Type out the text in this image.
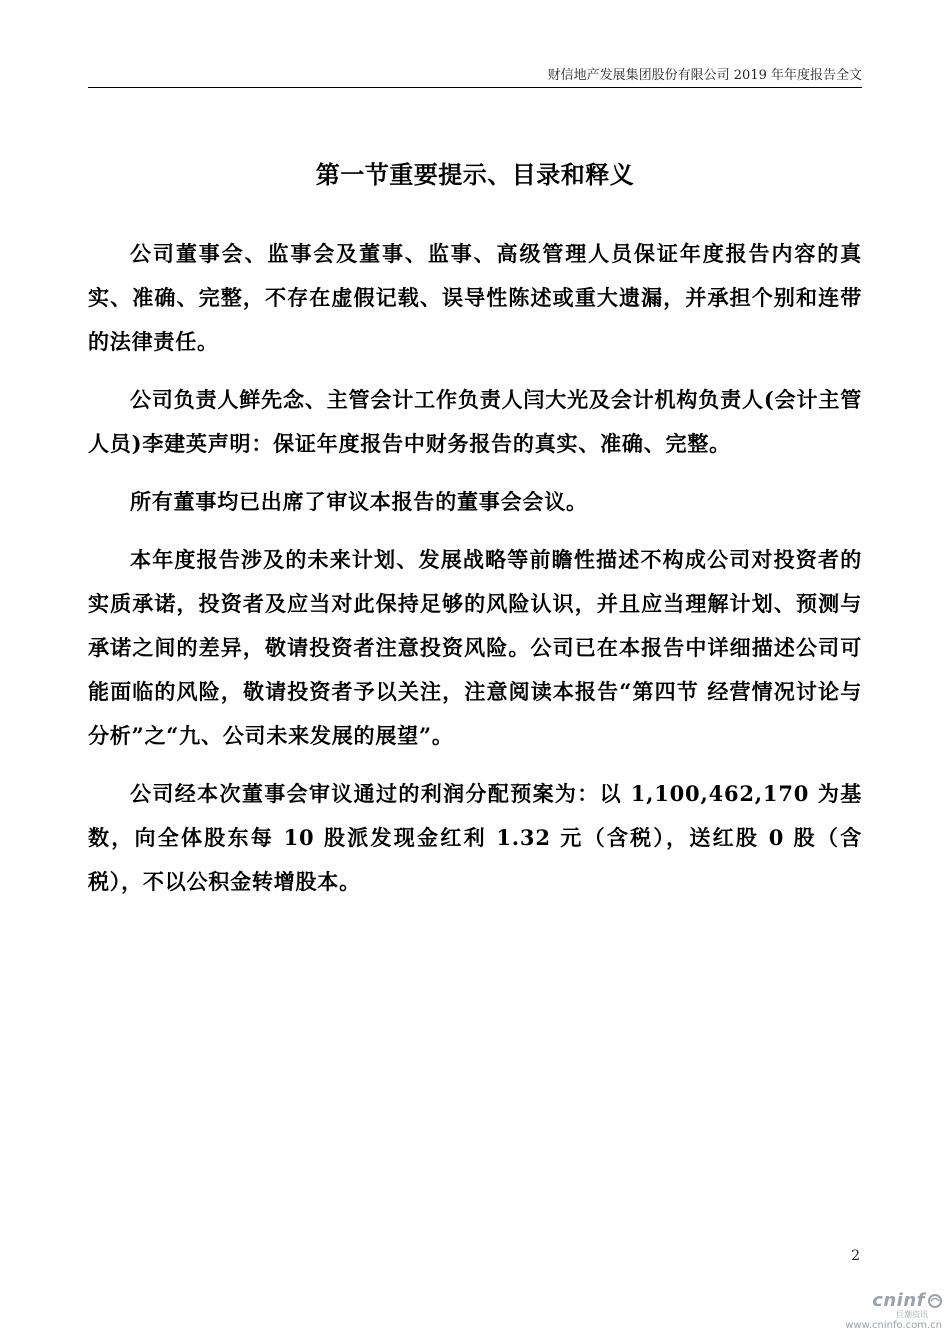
财信地产发展集团股份有限公司 2019 年年度报告全文
第一节重要提示、目录和释义

公司董事会、监事会及董事、监事、高级管理人员保证年度报告内容的真实、准确、完整，不存在虚假记载、误导性陈述或重大遗漏，并承担个别和连带的法律责任。

公司负责人鲜先念、主管会计工作负责人闫大光及会计机构负责人(会计主管人员)李建英声明：保证年度报告中财务报告的真实、准确、完整。

所有董事均已出席了审议本报告的董事会会议。

本年度报告涉及的未来计划、发展战略等前瞻性描述不构成公司对投资者的实质承诺，投资者及应当对此保持足够的风险认识，并且应当理解计划、预测与承诺之间的差异，敬请投资者注意投资风险。公司已在本报告中详细描述公司可能面临的风险，敬请投资者予以关注，注意阅读本报告“第四节 经营情况讨论与分析”之“九、公司未来发展的展望”。

公司经本次董事会审议通过的利润分配预案为：以 1,100,462,170 为基数，向全体股东每 10 股派发现金红利 1.32 元（含税），送红股 0 股（含税），不以公积金转增股本。

2
cninf
巨潮资讯
www.cninfo.com.cn
